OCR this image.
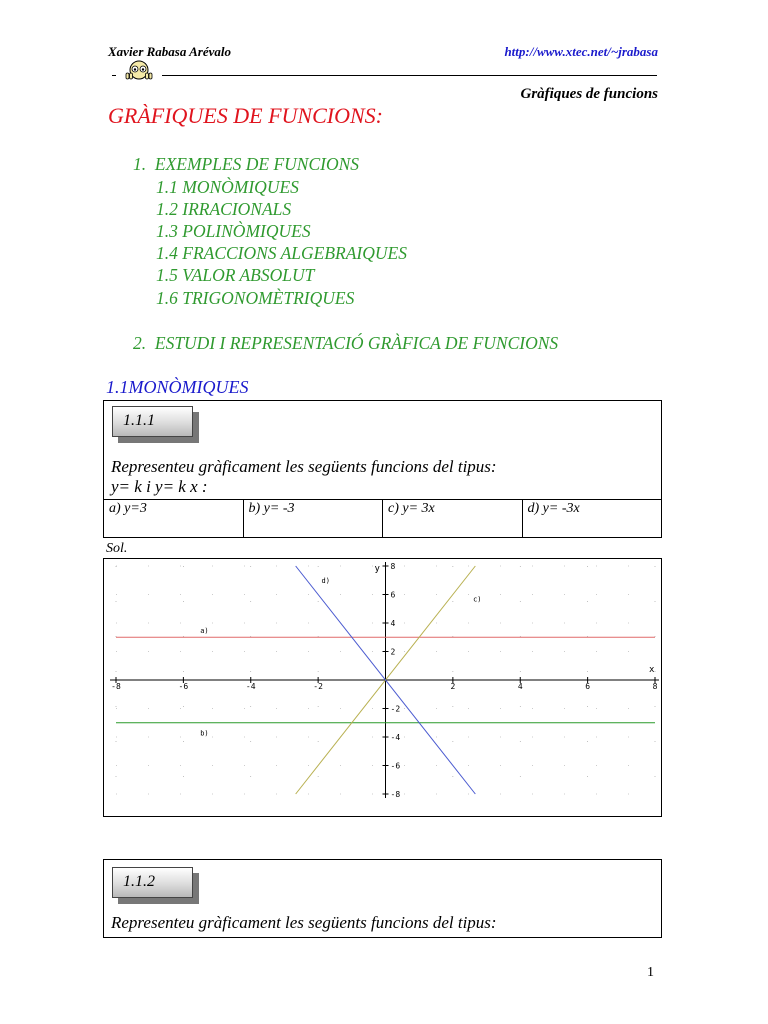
Xavier Rabasa Arévalo	http://www.xtec.net/~jrabasa
Gràfiques de funcions
GRÀFIQUES DE FUNCIONS:
1. EXEMPLES DE FUNCIONS
1.1 MONÒMIQUES
1.2 IRRACIONALS
1.3 POLINÒMIQUES
1.4 FRACCIONS ALGEBRAIQUES
1.5 VALOR ABSOLUT
1.6 TRIGONOMÈTRIQUES
2. ESTUDI I REPRESENTACIÓ GRÀFICA DE FUNCIONS
1.1MONÒMIQUES
1.1.1
Representeu gràficament les següents funcions del tipus:
y= k i y= k x :
a) y=3	b) y= -3	c) y= 3x	d) y= -3x
Sol.
-8	-6	-4	-2	2	4	6	8
8
6
4
2
-2
-4
-6
-8
x
y
a)
b)
c)
d)
1.1.2
Representeu gràficament les següents funcions del tipus:
1
